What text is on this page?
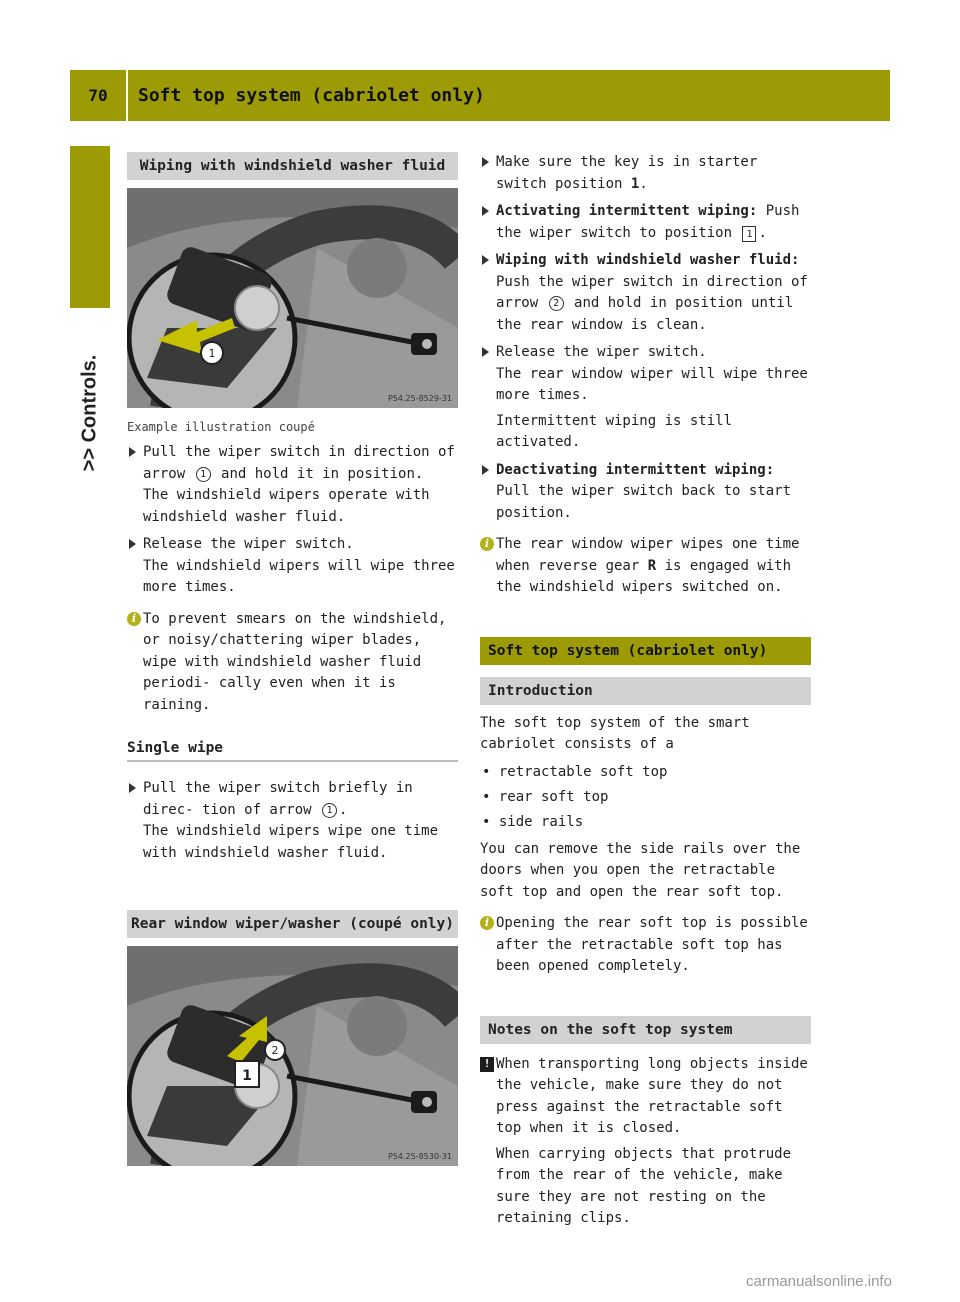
70	Soft top system (cabriolet only)
>> Controls.
Wiping with windshield washer fluid
1
P54.25-8529-31
Example illustration coupé
Pull the wiper switch in direction of arrow 1 and hold it in position.
The windshield wipers operate with windshield washer fluid.
Release the wiper switch.
The windshield wipers will wipe three more times.
i To prevent smears on the windshield, or noisy/chattering wiper blades, wipe with windshield washer fluid periodi- cally even when it is raining.
Single wipe
Pull the wiper switch briefly in direc- tion of arrow 1 .
The windshield wipers wipe one time with windshield washer fluid.
Rear window wiper/washer (coupé only)
1
2
P54.25-8530-31
Make sure the key is in starter switch position 1.
Activating intermittent wiping: Push the wiper switch to position 1 .
Wiping with windshield washer fluid:
Push the wiper switch in direction of arrow 2 and hold in position until the rear window is clean.
Release the wiper switch.
The rear window wiper will wipe three more times.
Intermittent wiping is still activated.
Deactivating intermittent wiping: Pull the wiper switch back to start position.
i The rear window wiper wipes one time when reverse gear R is engaged with the windshield wipers switched on.
Soft top system (cabriolet only)
Introduction
The soft top system of the smart cabriolet consists of a
• retractable soft top
• rear soft top
• side rails
You can remove the side rails over the doors when you open the retractable soft top and open the rear soft top.
i Opening the rear soft top is possible after the retractable soft top has been opened completely.
Notes on the soft top system
! When transporting long objects inside the vehicle, make sure they do not press against the retractable soft top when it is closed.
When carrying objects that protrude from the rear of the vehicle, make sure they are not resting on the retaining clips.
carmanualsonline.info
